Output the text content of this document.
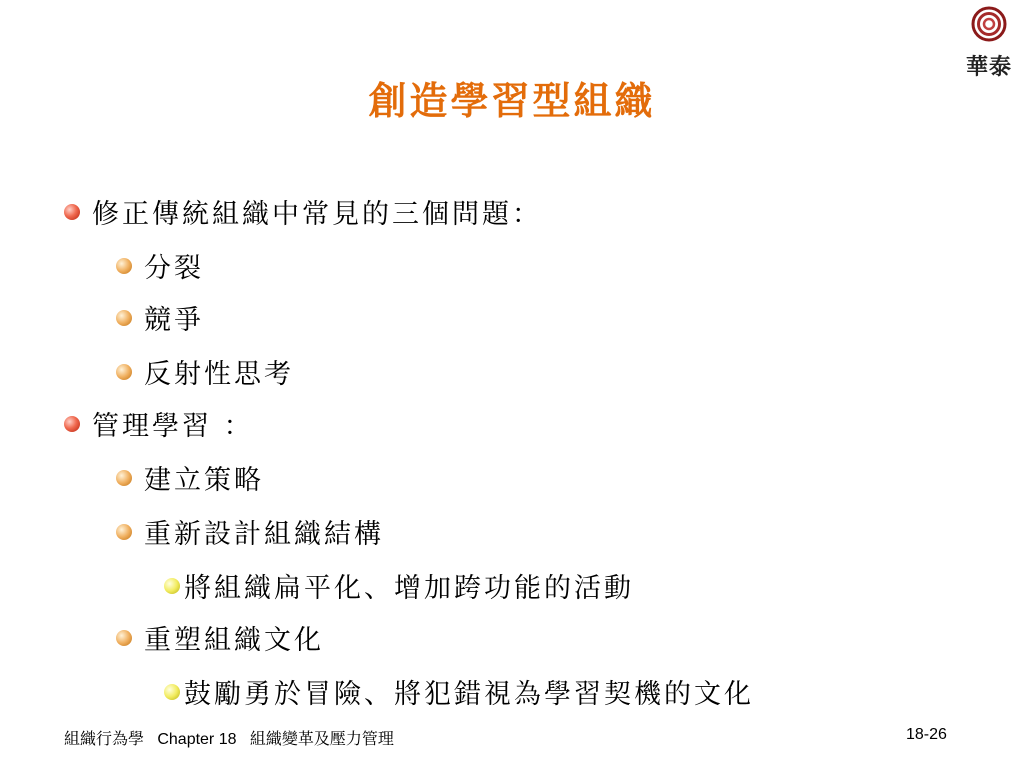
華泰
創造學習型組織
修正傳統組織中常見的三個問題：
分裂
競爭
反射性思考
管理學習 ：
建立策略
重新設計組織結構
將組織扁平化、增加跨功能的活動
重塑組織文化
鼓勵勇於冒險、將犯錯視為學習契機的文化
組織行為學   Chapter 18   組織變革及壓力管理	18-26
